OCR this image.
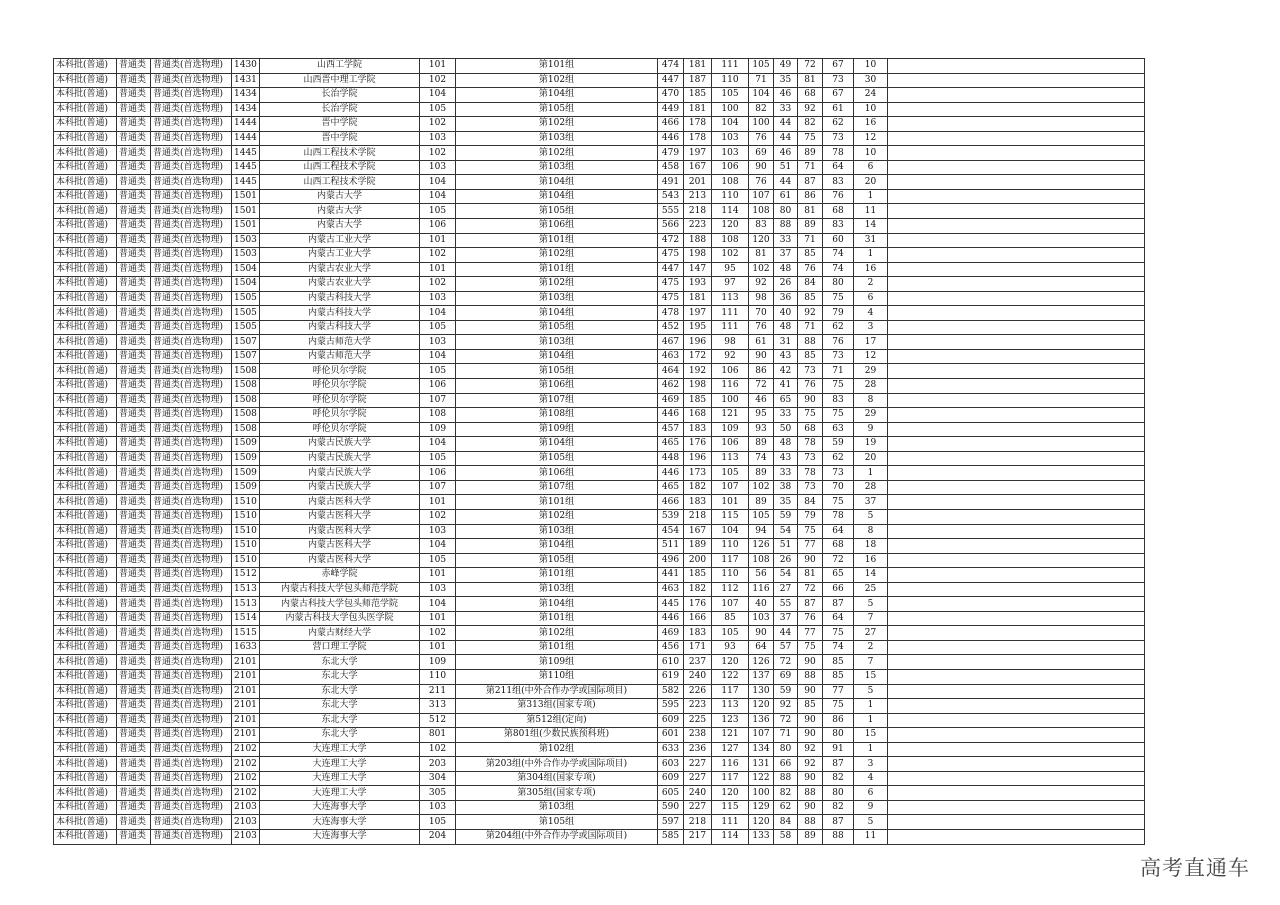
本科批(普通)	普通类	普通类(首选物理)	1430	山西工学院	101	第101组	474	181	111	105	49	72	67	10	
本科批(普通)	普通类	普通类(首选物理)	1431	山西晋中理工学院	102	第102组	447	187	110	71	35	81	73	30	
本科批(普通)	普通类	普通类(首选物理)	1434	长治学院	104	第104组	470	185	105	104	46	68	67	24	
本科批(普通)	普通类	普通类(首选物理)	1434	长治学院	105	第105组	449	181	100	82	33	92	61	10	
本科批(普通)	普通类	普通类(首选物理)	1444	晋中学院	102	第102组	466	178	104	100	44	82	62	16	
本科批(普通)	普通类	普通类(首选物理)	1444	晋中学院	103	第103组	446	178	103	76	44	75	73	12	
本科批(普通)	普通类	普通类(首选物理)	1445	山西工程技术学院	102	第102组	479	197	103	69	46	89	78	10	
本科批(普通)	普通类	普通类(首选物理)	1445	山西工程技术学院	103	第103组	458	167	106	90	51	71	64	6	
本科批(普通)	普通类	普通类(首选物理)	1445	山西工程技术学院	104	第104组	491	201	108	76	44	87	83	20	
本科批(普通)	普通类	普通类(首选物理)	1501	内蒙古大学	104	第104组	543	213	110	107	61	86	76	1	
本科批(普通)	普通类	普通类(首选物理)	1501	内蒙古大学	105	第105组	555	218	114	108	80	81	68	11	
本科批(普通)	普通类	普通类(首选物理)	1501	内蒙古大学	106	第106组	566	223	120	83	88	89	83	14	
本科批(普通)	普通类	普通类(首选物理)	1503	内蒙古工业大学	101	第101组	472	188	108	120	33	71	60	31	
本科批(普通)	普通类	普通类(首选物理)	1503	内蒙古工业大学	102	第102组	475	198	102	81	37	85	74	1	
本科批(普通)	普通类	普通类(首选物理)	1504	内蒙古农业大学	101	第101组	447	147	95	102	48	76	74	16	
本科批(普通)	普通类	普通类(首选物理)	1504	内蒙古农业大学	102	第102组	475	193	97	92	26	84	80	2	
本科批(普通)	普通类	普通类(首选物理)	1505	内蒙古科技大学	103	第103组	475	181	113	98	36	85	75	6	
本科批(普通)	普通类	普通类(首选物理)	1505	内蒙古科技大学	104	第104组	478	197	111	70	40	92	79	4	
本科批(普通)	普通类	普通类(首选物理)	1505	内蒙古科技大学	105	第105组	452	195	111	76	48	71	62	3	
本科批(普通)	普通类	普通类(首选物理)	1507	内蒙古师范大学	103	第103组	467	196	98	61	31	88	76	17	
本科批(普通)	普通类	普通类(首选物理)	1507	内蒙古师范大学	104	第104组	463	172	92	90	43	85	73	12	
本科批(普通)	普通类	普通类(首选物理)	1508	呼伦贝尔学院	105	第105组	464	192	106	86	42	73	71	29	
本科批(普通)	普通类	普通类(首选物理)	1508	呼伦贝尔学院	106	第106组	462	198	116	72	41	76	75	28	
本科批(普通)	普通类	普通类(首选物理)	1508	呼伦贝尔学院	107	第107组	469	185	100	46	65	90	83	8	
本科批(普通)	普通类	普通类(首选物理)	1508	呼伦贝尔学院	108	第108组	446	168	121	95	33	75	75	29	
本科批(普通)	普通类	普通类(首选物理)	1508	呼伦贝尔学院	109	第109组	457	183	109	93	50	68	63	9	
本科批(普通)	普通类	普通类(首选物理)	1509	内蒙古民族大学	104	第104组	465	176	106	89	48	78	59	19	
本科批(普通)	普通类	普通类(首选物理)	1509	内蒙古民族大学	105	第105组	448	196	113	74	43	73	62	20	
本科批(普通)	普通类	普通类(首选物理)	1509	内蒙古民族大学	106	第106组	446	173	105	89	33	78	73	1	
本科批(普通)	普通类	普通类(首选物理)	1509	内蒙古民族大学	107	第107组	465	182	107	102	38	73	70	28	
本科批(普通)	普通类	普通类(首选物理)	1510	内蒙古医科大学	101	第101组	466	183	101	89	35	84	75	37	
本科批(普通)	普通类	普通类(首选物理)	1510	内蒙古医科大学	102	第102组	539	218	115	105	59	79	78	5	
本科批(普通)	普通类	普通类(首选物理)	1510	内蒙古医科大学	103	第103组	454	167	104	94	54	75	64	8	
本科批(普通)	普通类	普通类(首选物理)	1510	内蒙古医科大学	104	第104组	511	189	110	126	51	77	68	18	
本科批(普通)	普通类	普通类(首选物理)	1510	内蒙古医科大学	105	第105组	496	200	117	108	26	90	72	16	
本科批(普通)	普通类	普通类(首选物理)	1512	赤峰学院	101	第101组	441	185	110	56	54	81	65	14	
本科批(普通)	普通类	普通类(首选物理)	1513	内蒙古科技大学包头师范学院	103	第103组	463	182	112	116	27	72	66	25	
本科批(普通)	普通类	普通类(首选物理)	1513	内蒙古科技大学包头师范学院	104	第104组	445	176	107	40	55	87	87	5	
本科批(普通)	普通类	普通类(首选物理)	1514	内蒙古科技大学包头医学院	101	第101组	446	166	85	103	37	76	64	7	
本科批(普通)	普通类	普通类(首选物理)	1515	内蒙古财经大学	102	第102组	469	183	105	90	44	77	75	27	
本科批(普通)	普通类	普通类(首选物理)	1633	营口理工学院	101	第101组	456	171	93	64	57	75	74	2	
本科批(普通)	普通类	普通类(首选物理)	2101	东北大学	109	第109组	610	237	120	126	72	90	85	7	
本科批(普通)	普通类	普通类(首选物理)	2101	东北大学	110	第110组	619	240	122	137	69	88	85	15	
本科批(普通)	普通类	普通类(首选物理)	2101	东北大学	211	第211组(中外合作办学或国际项目)	582	226	117	130	59	90	77	5	
本科批(普通)	普通类	普通类(首选物理)	2101	东北大学	313	第313组(国家专项)	595	223	113	120	92	85	75	1	
本科批(普通)	普通类	普通类(首选物理)	2101	东北大学	512	第512组(定向)	609	225	123	136	72	90	86	1	
本科批(普通)	普通类	普通类(首选物理)	2101	东北大学	801	第801组(少数民族预科班)	601	238	121	107	71	90	80	15	
本科批(普通)	普通类	普通类(首选物理)	2102	大连理工大学	102	第102组	633	236	127	134	80	92	91	1	
本科批(普通)	普通类	普通类(首选物理)	2102	大连理工大学	203	第203组(中外合作办学或国际项目)	603	227	116	131	66	92	87	3	
本科批(普通)	普通类	普通类(首选物理)	2102	大连理工大学	304	第304组(国家专项)	609	227	117	122	88	90	82	4	
本科批(普通)	普通类	普通类(首选物理)	2102	大连理工大学	305	第305组(国家专项)	605	240	120	100	82	88	80	6	
本科批(普通)	普通类	普通类(首选物理)	2103	大连海事大学	103	第103组	590	227	115	129	62	90	82	9	
本科批(普通)	普通类	普通类(首选物理)	2103	大连海事大学	105	第105组	597	218	111	120	84	88	87	5	
本科批(普通)	普通类	普通类(首选物理)	2103	大连海事大学	204	第204组(中外合作办学或国际项目)	585	217	114	133	58	89	88	11	
高考直通车
